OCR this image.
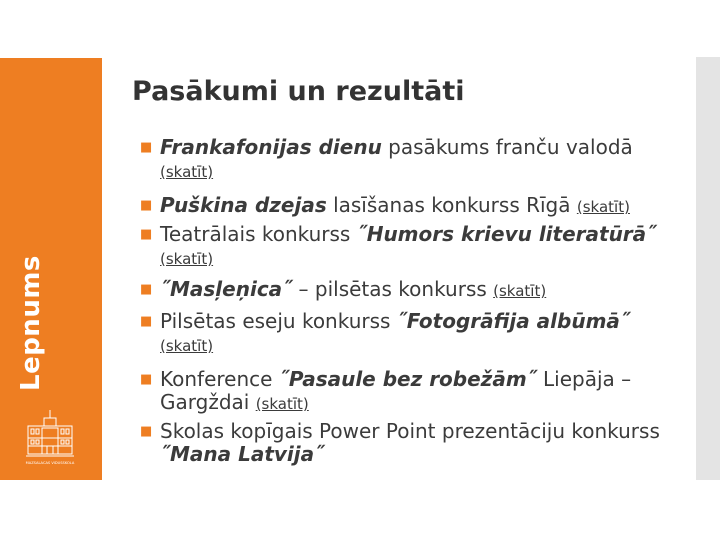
Lepnums
MAZSALACAS VIDUSSKOLA
Pasākumi un rezultāti
■ Frankafonijas dienu pasākums franču valodā
(skatīt)
■ Puškina dzejas lasīšanas konkurss Rīgā (skatīt)
■ Teatrālais konkurss ˝Humors krievu literatūrā˝ (skatīt)
■ ˝Masļeņica˝ – pilsētas konkurss (skatīt)
■ Pilsētas eseju konkurss ˝Fotogrāfija albūmā˝
(skatīt)
■ Konference ˝Pasaule bez robežām˝ Liepāja – Gargždai (skatīt)
■ Skolas kopīgais Power Point prezentāciju konkurss ˝Mana Latvija˝
